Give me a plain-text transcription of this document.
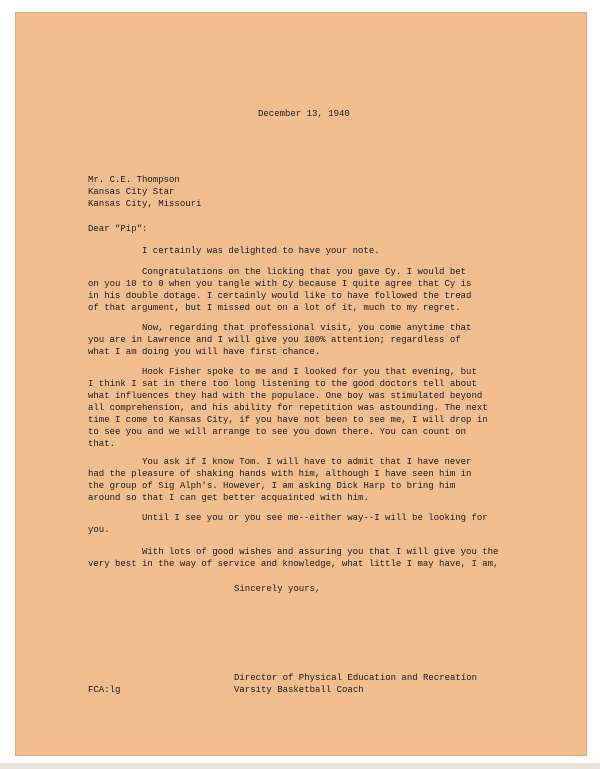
December 13, 1940

Mr. C.E. Thompson
Kansas City Star
Kansas City, Missouri

Dear "Pip":

I certainly was delighted to have your note.
Congratulations on the licking that you gave Cy. I would bet
on you 10 to 0 when you tangle with Cy because I quite agree that Cy is
in his double dotage. I certainly would like to have followed the tread
of that argument, but I missed out on a lot of it, much to my regret.
Now, regarding that professional visit, you come anytime that
you are in Lawrence and I will give you 100% attention; regardless of
what I am doing you will have first chance.
Hook Fisher spoke to me and I looked for you that evening, but
I think I sat in there too long listening to the good doctors tell about
what influences they had with the populace. One boy was stimulated beyond
all comprehension, and his ability for repetition was astounding. The next
time I come to Kansas City, if you have not been to see me, I will drop in
to see you and we will arrange to see you down there. You can count on
that.
You ask if I know Tom. I will have to admit that I have never
had the pleasure of shaking hands with him, although I have seen him in
the group of Sig Alph's. However, I am asking Dick Harp to bring him
around so that I can get better acquainted with him.
Until I see you or you see me--either way--I will be looking for
you.
With lots of good wishes and assuring you that I will give you the
very best in the way of service and knowledge, what little I may have, I am,

Sincerely yours,

Director of Physical Education and Recreation
Varsity Basketball Coach

FCA:lg
